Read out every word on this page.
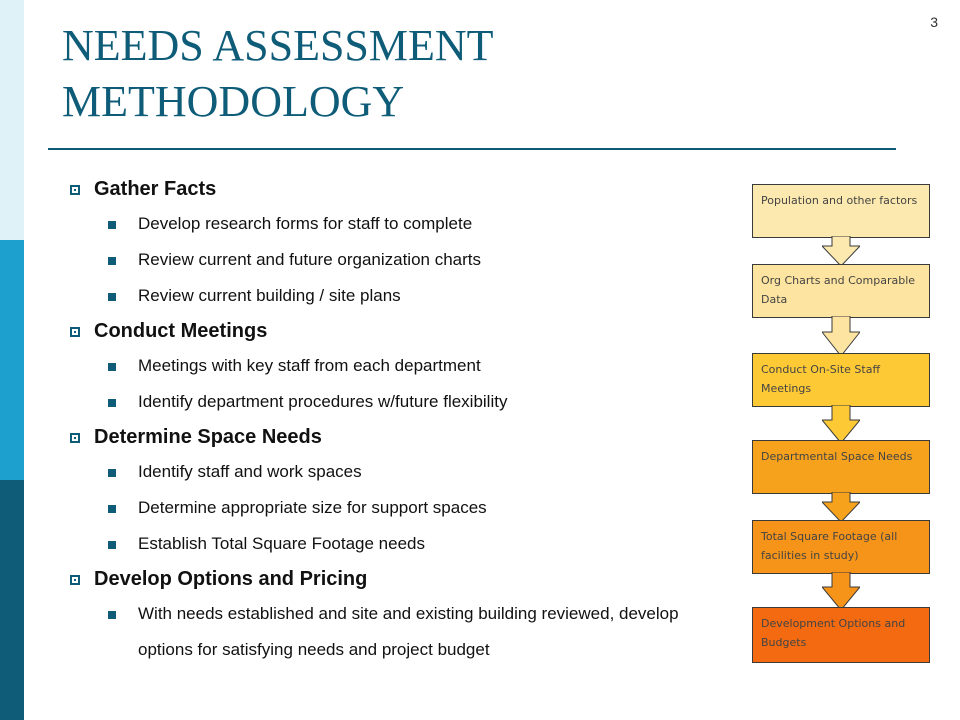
3
NEEDS ASSESSMENT METHODOLOGY
Gather Facts
Develop research forms for staff to complete
Review current and future organization charts
Review current building / site plans
Conduct Meetings
Meetings with key staff from each department
Identify department procedures w/future flexibility
Determine Space Needs
Identify staff and work spaces
Determine appropriate size for support spaces
Establish Total Square Footage needs
Develop Options and Pricing
With needs established and site and existing building reviewed, develop options for satisfying needs and project budget
Population and other factors
Org Charts and Comparable Data
Conduct On-Site Staff Meetings
Departmental Space Needs
Total Square Footage (all facilities in study)
Development Options and Budgets
